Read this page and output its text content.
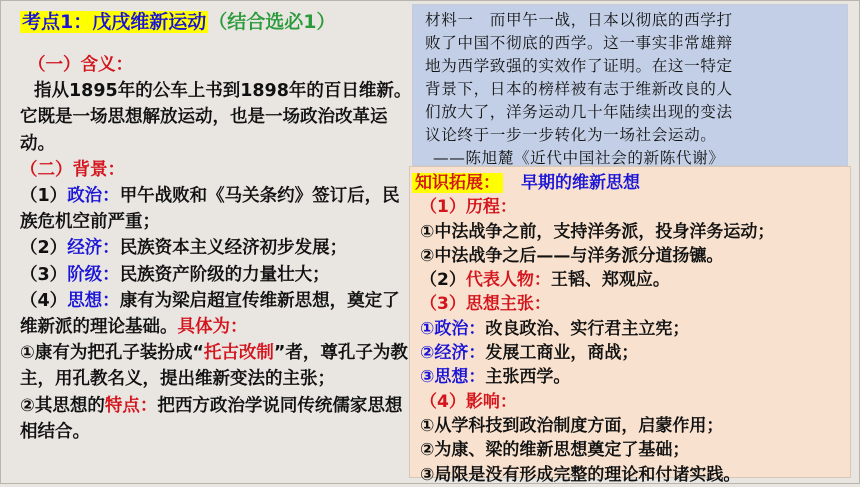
考点1：戊戌维新运动 （结合选必1）

（一）含义：

指从1895年的公车上书到1898年的百日维新。它既是一场思想解放运动，也是一场政治改革运动。

（二）背景：

（1）政治：甲午战败和《马关条约》签订后，民族危机空前严重；

（2）经济：民族资本主义经济初步发展；

（3）阶级：民族资产阶级的力量壮大；

（4）思想：康有为梁启超宣传维新思想，奠定了维新派的理论基础。具体为：

①康有为把孔子装扮成“托古改制”者，尊孔子为教主，用孔教名义，提出维新变法的主张；

②其思想的特点：把西方政治学说同传统儒家思想相结合。

材料一　而甲午一战，日本以彻底的西学打

败了中国不彻底的西学。这一事实非常雄辩

地为西学致强的实效作了证明。在这一特定

背景下，日本的榜样被有志于维新改良的人

们放大了，洋务运动几十年陆续出现的变法

议论终于一步一步转化为一场社会运动。

——陈旭麓《近代中国社会的新陈代谢》

知识拓展： 早期的维新思想

（1）历程：

①中法战争之前，支持洋务派，投身洋务运动；

②中法战争之后——与洋务派分道扬镳。

（2）代表人物：王韬、郑观应。

（3）思想主张：

①政治：改良政治、实行君主立宪；

②经济：发展工商业，商战；

③思想：主张西学。

（4）影响：

①从学科技到政治制度方面，启蒙作用；

②为康、梁的维新思想奠定了基础；

③局限是没有形成完整的理论和付诸实践。
